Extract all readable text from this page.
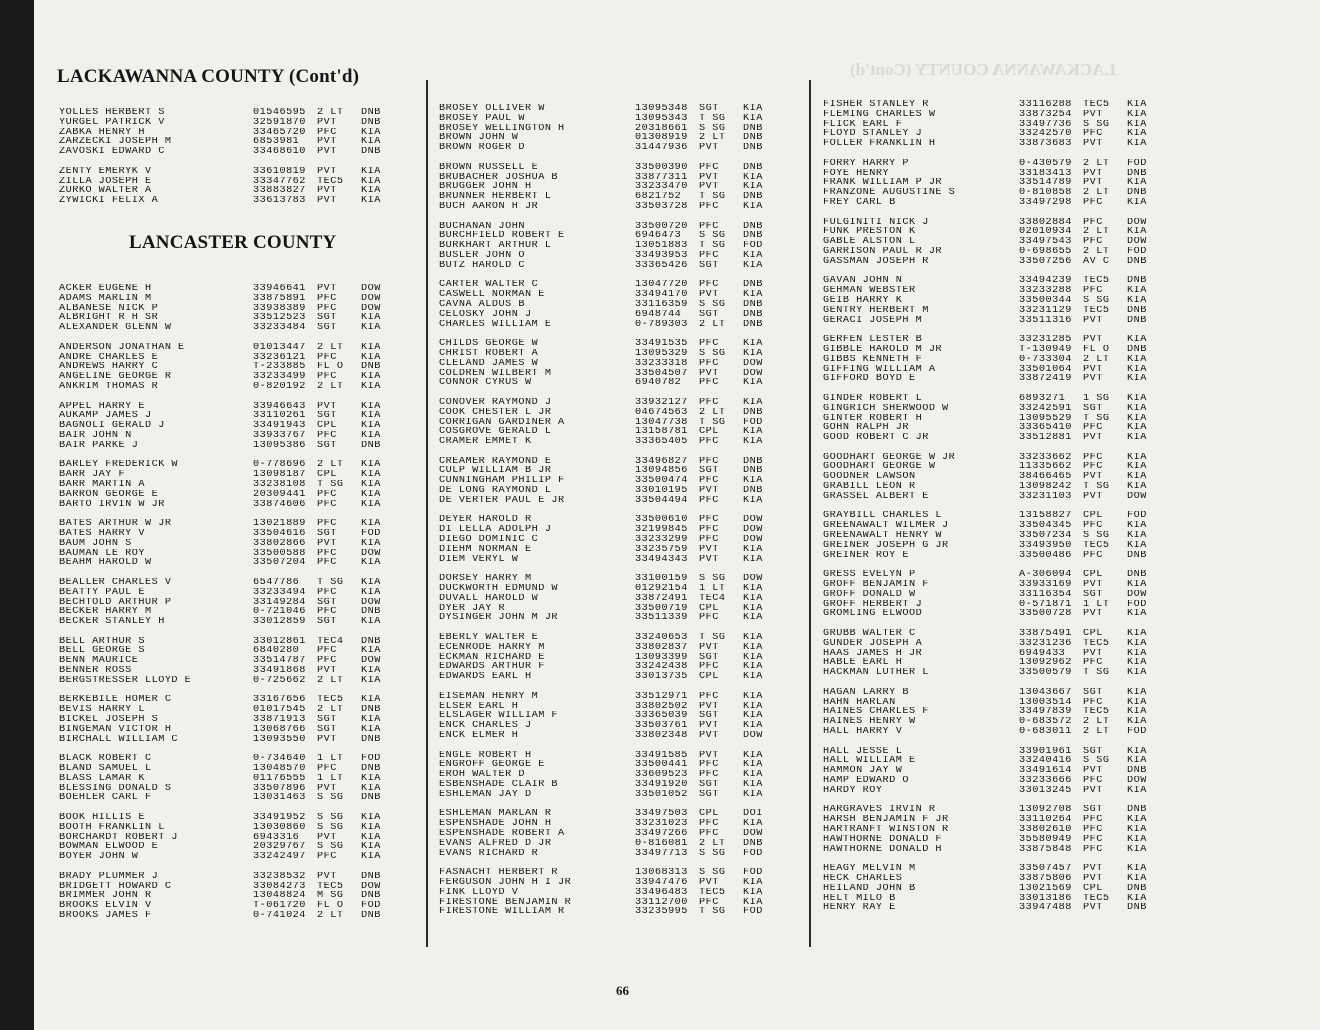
LACKAWANNA COUNTY (Cont'd)
LACKAWANNA COUNTY (Cont'd)
LANCASTER COUNTY
YOLLES HERBERT S	01546595	2 LT	DNB
YURGEL PATRICK V	32591870	PVT	DNB
ZABKA HENRY H	33465720	PFC	KIA
ZARZECKI JOSEPH M	6853981	PVT	KIA
ZAVOSKI EDWARD C	33468610	PVT	DNB
ZENTY EMERYK V	33610819	PVT	KIA
ZILLA JOSEPH E	33347762	TEC5	KIA
ZURKO WALTER A	33883827	PVT	KIA
ZYWICKI FELIX A	33613783	PVT	KIA
ACKER EUGENE H	33946641	PVT	DOW
ADAMS MARLIN M	33875891	PFC	DOW
ALBANESE NICK P	33938389	PFC	DOW
ALBRIGHT R H SR	33512523	SGT	KIA
ALEXANDER GLENN W	33233484	SGT	KIA
ANDERSON JONATHAN E	01013447	2 LT	KIA
ANDRE CHARLES E	33236121	PFC	KIA
ANDREWS HARRY C	T-233885	FL O	DNB
ANGELINE GEORGE R	33233499	PFC	KIA
ANKRIM THOMAS R	0-820192	2 LT	KIA
APPEL HARRY E	33946643	PVT	KIA
AUKAMP JAMES J	33110261	SGT	KIA
BAGNOLI GERALD J	33491943	CPL	KIA
BAIR JOHN N	33933767	PFC	KIA
BAIR PARKE J	13095386	SGT	DNB
BARLEY FREDERICK W	0-778696	2 LT	KIA
BARR JAY F	13098187	CPL	KIA
BARR MARTIN A	33238108	T SG	KIA
BARRON GEORGE E	20309441	PFC	KIA
BARTO IRVIN W JR	33874606	PFC	KIA
BATES ARTHUR W JR	13021889	PFC	KIA
BATES HARRY V	33504616	SGT	FOD
BAUM JOHN S	33802866	PVT	KIA
BAUMAN LE ROY	33500588	PFC	DOW
BEAHM HAROLD W	33507204	PFC	KIA
BEALLER CHARLES V	6547786	T SG	KIA
BEATTY PAUL E	33233494	PFC	KIA
BECHTOLD ARTHUR P	33149284	SGT	DOW
BECKER HARRY M	0-721046	PFC	DNB
BECKER STANLEY H	33012859	SGT	KIA
BELL ARTHUR S	33012861	TEC4	DNB
BELL GEORGE S	6840280	PFC	KIA
BENN MAURICE	33514787	PFC	DOW
BENNER ROSS	33491868	PVT	KIA
BERGSTRESSER LLOYD E	0-725662	2 LT	KIA
BERKEBILE HOMER C	33167656	TEC5	KIA
BEVIS HARRY L	01017545	2 LT	DNB
BICKEL JOSEPH S	33871913	SGT	KIA
BINGEMAN VICTOR H	13068766	SGT	KIA
BIRCHALL WILLIAM C	13093550	PVT	DNB
BLACK ROBERT C	0-734640	1 LT	FOD
BLAND SAMUEL L	13048570	PFC	DNB
BLASS LAMAR K	01176555	1 LT	KIA
BLESSING DONALD S	33507896	PVT	KIA
BOEHLER CARL F	13031463	S SG	DNB
BOOK HILLIS E	33491952	S SG	KIA
BOOTH FRANKLIN L	13030860	S SG	KIA
BORCHARDT ROBERT J	6943316	PVT	KIA
BOWMAN ELWOOD E	20329767	S SG	KIA
BOYER JOHN W	33242497	PFC	KIA
BRADY PLUMMER J	33238532	PVT	DNB
BRIDGETT HOWARD C	33084273	TEC5	DOW
BRIMMER JOHN R	13048824	M SG	DNB
BROOKS ELVIN V	T-061720	FL O	FOD
BROOKS JAMES F	0-741024	2 LT	DNB
BROSEY OLLIVER W	13095348	SGT	KIA
BROSEY PAUL W	13095343	T SG	KIA
BROSEY WELLINGTON H	20318661	S SG	DNB
BROWN JOHN W	01308919	2 LT	DNB
BROWN ROGER D	31447936	PVT	DNB
BROWN RUSSELL E	33500390	PFC	DNB
BRUBACHER JOSHUA B	33877311	PVT	KIA
BRUGGER JOHN H	33233470	PVT	KIA
BRUNNER HERBERT L	6821752	T SG	DNB
BUCH AARON H JR	33503728	PFC	KIA
BUCHANAN JOHN	33500720	PFC	DNB
BURCHFIELD ROBERT E	6946473	S SG	DNB
BURKHART ARTHUR L	13051883	T SG	FOD
BUSLER JOHN O	33493953	PFC	KIA
BUTZ HAROLD C	33365426	SGT	KIA
CARTER WALTER C	13047720	PFC	DNB
CASWELL NORMAN E	33494170	PVT	KIA
CAVNA ALDUS B	33116359	S SG	DNB
CELOSKY JOHN J	6948744	SGT	DNB
CHARLES WILLIAM E	0-789303	2 LT	DNB
CHILDS GEORGE W	33491535	PFC	KIA
CHRIST ROBERT A	13095329	S SG	KIA
CLELAND JAMES W	33233318	PFC	DOW
COLDREN WILBERT M	33504507	PVT	DOW
CONNOR CYRUS W	6940782	PFC	KIA
CONOVER RAYMOND J	33932127	PFC	KIA
COOK CHESTER L JR	04674563	2 LT	DNB
CORRIGAN GARDINER A	13047738	T SG	FOD
COSGROVE GERALD L	13158781	CPL	KIA
CRAMER EMMET K	33365405	PFC	KIA
CREAMER RAYMOND E	33496827	PFC	DNB
CULP WILLIAM B JR	13094856	SGT	DNB
CUNNINGHAM PHILIP F	33500474	PFC	KIA
DE LONG RAYMOND L	33010195	PVT	DNB
DE VERTER PAUL E JR	33504494	PFC	KIA
DEYER HAROLD R	33500610	PFC	DOW
DI LELLA ADOLPH J	32199845	PFC	DOW
DIEGO DOMINIC C	33233299	PFC	DOW
DIEHM NORMAN E	33235759	PVT	KIA
DIEM VERYL W	33494343	PVT	KIA
DORSEY HARRY M	33100159	S SG	DOW
DUCKWORTH EDMUND W	01292154	1 LT	KIA
DUVALL HAROLD W	33872491	TEC4	KIA
DYER JAY R	33500719	CPL	KIA
DYSINGER JOHN M JR	33511339	PFC	KIA
EBERLY WALTER E	33240653	T SG	KIA
ECENRODE HARRY M	33802837	PVT	KIA
ECKMAN RICHARD E	13093399	SGT	KIA
EDWARDS ARTHUR F	33242438	PFC	KIA
EDWARDS EARL H	33013735	CPL	KIA
EISEMAN HENRY M	33512971	PFC	KIA
ELSER EARL H	33802502	PVT	KIA
ELSLAGER WILLIAM F	33365039	SGT	KIA
ENCK CHARLES J	33503761	PVT	KIA
ENCK ELMER H	33802348	PVT	DOW
ENGLE ROBERT H	33491585	PVT	KIA
ENGROFF GEORGE E	33500441	PFC	KIA
EROH WALTER D	33609523	PFC	KIA
ESBENSHADE CLAIR B	33491920	SGT	KIA
ESHLEMAN JAY D	33501052	SGT	KIA
ESHLEMAN MARLAN R	33497503	CPL	DOI
ESPENSHADE JOHN H	33231023	PFC	KIA
ESPENSHADE ROBERT A	33497266	PFC	DOW
EVANS ALFRED D JR	0-816081	2 LT	DNB
EVANS RICHARD R	33497713	S SG	FOD
FASNACHT HERBERT R	13068313	S SG	FOD
FERGUSON JOHN H I JR	33947476	PVT	KIA
FINK LLOYD V	33496483	TEC5	KIA
FIRESTONE BENJAMIN R	33112700	PFC	KIA
FIRESTONE WILLIAM R	33235995	T SG	FOD
FISHER STANLEY R	33116288	TEC5	KIA
FLEMING CHARLES W	33873254	PVT	KIA
FLICK EARL F	33497736	S SG	KIA
FLOYD STANLEY J	33242570	PFC	KIA
FOLLER FRANKLIN H	33873683	PVT	KIA
FORRY HARRY P	0-430579	2 LT	FOD
FOYE HENRY	33183413	PVT	DNB
FRANK WILLIAM P JR	33514789	PVT	KIA
FRANZONE AUGUSTINE S	0-810858	2 LT	DNB
FREY CARL B	33497298	PFC	KIA
FULGINITI NICK J	33802884	PFC	DOW
FUNK PRESTON K	02010934	2 LT	KIA
GABLE ALSTON L	33497543	PFC	DOW
GARRISON PAUL R JR	0-698655	2 LT	FOD
GASSMAN JOSEPH R	33507256	AV C	DNB
GAVAN JOHN N	33494239	TEC5	DNB
GEHMAN WEBSTER	33233288	PFC	KIA
GEIB HARRY K	33500344	S SG	KIA
GENTRY HERBERT M	33231129	TEC5	DNB
GERACI JOSEPH M	33511316	PVT	DNB
GERFEN LESTER B	33231285	PVT	KIA
GIBBLE HAROLD M JR	T-130949	FL O	DNB
GIBBS KENNETH F	0-733304	2 LT	KIA
GIFFING WILLIAM A	33501064	PVT	KIA
GIFFORD BOYD E	33872419	PVT	KIA
GINDER ROBERT L	6893271	1 SG	KIA
GINGRICH SHERWOOD W	33242591	SGT	KIA
GINTER ROBERT H	13095529	T SG	KIA
GOHN RALPH JR	33365410	PFC	KIA
GOOD ROBERT C JR	33512881	PVT	KIA
GOODHART GEORGE W JR	33233662	PFC	KIA
GOODHART GEORGE W	11335662	PFC	KIA
GOODNER LAWSON	38466465	PVT	KIA
GRABILL LEON R	13098242	T SG	KIA
GRASSEL ALBERT E	33231103	PVT	DOW
GRAYBILL CHARLES L	13158827	CPL	FOD
GREENAWALT WILMER J	33504345	PFC	KIA
GREENAWALT HENRY W	33507234	S SG	KIA
GREINER JOSEPH G JR	33493950	TEC5	KIA
GREINER ROY E	33500486	PFC	DNB
GRESS EVELYN P	A-306094	CPL	DNB
GROFF BENJAMIN F	33933169	PVT	KIA
GROFF DONALD W	33116354	SGT	DOW
GROFF HERBERT J	0-571871	1 LT	FOD
GROMLING ELWOOD	33500728	PVT	KIA
GRUBB WALTER C	33875491	CPL	KIA
GUNDER JOSEPH A	33231236	TEC5	KIA
HAAS JAMES H JR	6949433	PVT	KIA
HABLE EARL H	13092962	PFC	KIA
HACKMAN LUTHER L	33500579	T SG	KIA
HAGAN LARRY B	13043667	SGT	KIA
HAHN HARLAN	13003514	PFC	KIA
HAINES CHARLES F	33497839	TEC5	KIA
HAINES HENRY W	0-683572	2 LT	KIA
HALL HARRY V	0-683011	2 LT	FOD
HALL JESSE L	33901961	SGT	KIA
HALL WILLIAM E	33240416	S SG	KIA
HAMMON JAY W	33491614	PVT	DNB
HAMP EDWARD O	33233666	PFC	DOW
HARDY ROY	33013245	PVT	KIA
HARGRAVES IRVIN R	13092708	SGT	DNB
HARSH BENJAMIN F JR	33110264	PFC	KIA
HARTRANFT WINSTON R	33802610	PFC	KIA
HAWTHORNE DONALD F	35580949	PFC	KIA
HAWTHORNE DONALD H	33875848	PFC	KIA
HEAGY MELVIN M	33507457	PVT	KIA
HECK CHARLES	33875806	PVT	KIA
HEILAND JOHN B	13021569	CPL	DNB
HELT MILO B	33013186	TEC5	KIA
HENRY RAY E	33947488	PVT	DNB
66
